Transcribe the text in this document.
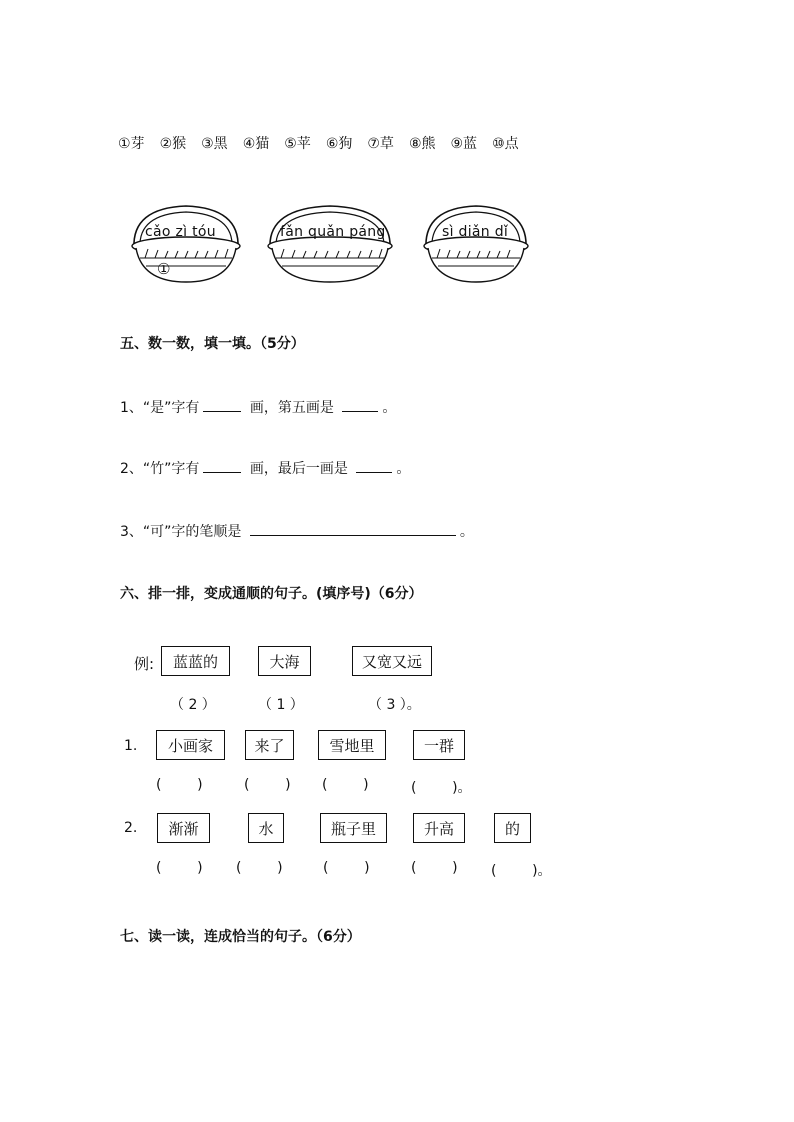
①芽 ②猴 ③黑 ④猫 ⑤苹 ⑥狗 ⑦草 ⑧熊 ⑨蓝 ⑩点
cǎo zì tóu	fǎn quǎn páng	sì diǎn dǐ
①
五、数一数，填一填。（5分）
1、“是”字有	画，第五画是	。
2、“竹”字有	画，最后一画是	。
3、“可”字的笔顺是	。
六、排一排，变成通顺的句子。(填序号)（6分）
例:	蓝蓝的	大海	又宽又远
（ 2 ）	（ 1 ）	（ 3 ）。
1.	小画家	来了	雪地里	一群
(        )	(        ) (        )	(        )。
2.	渐渐	水	瓶子里	升高	的
(        ) (        )	(        )	(        ) (        )。
七、读一读，连成恰当的句子。（6分）
